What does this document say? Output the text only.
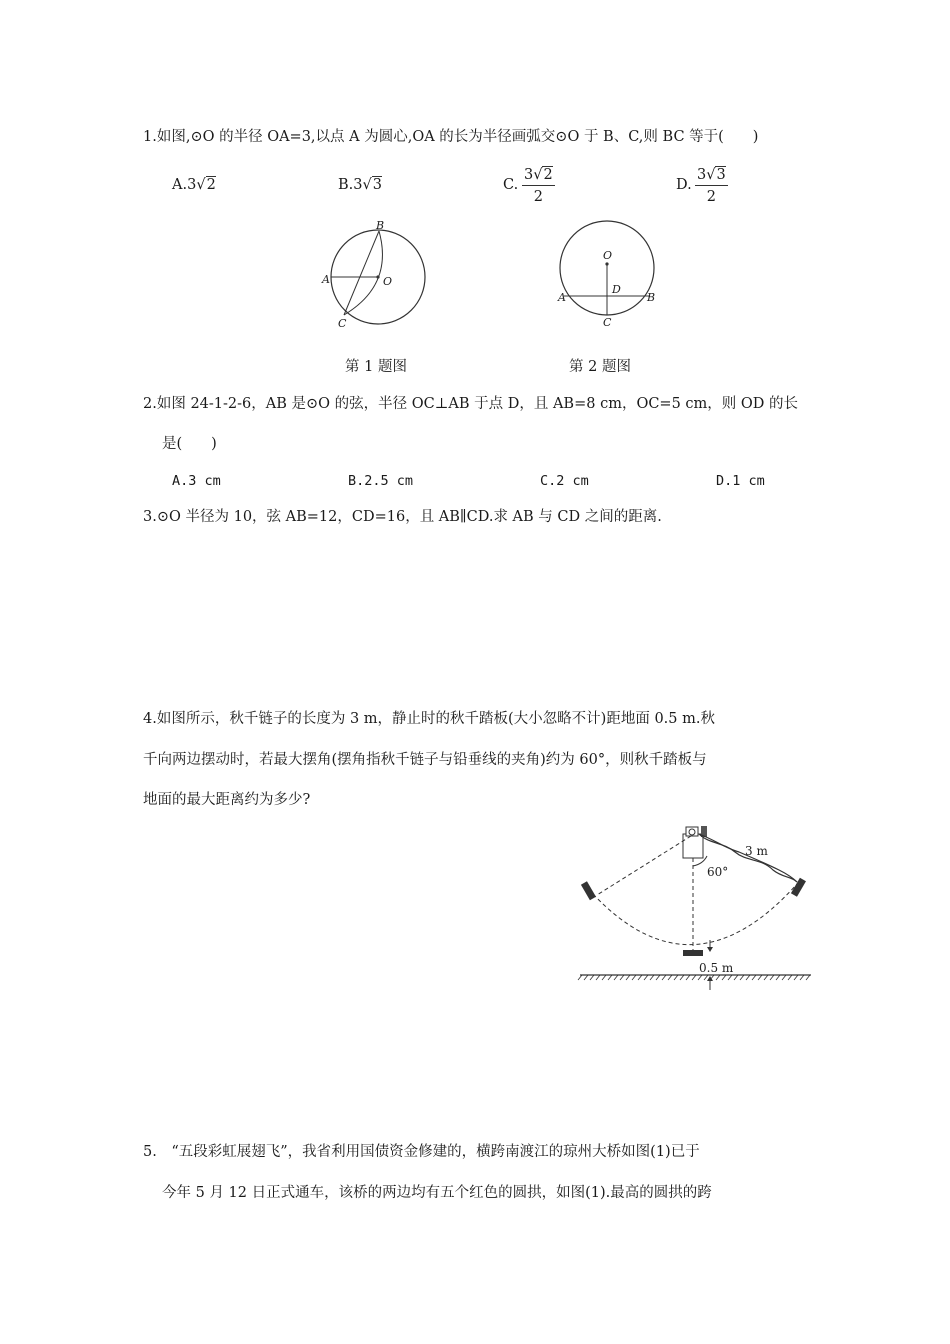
1.如图,⊙O 的半径 OA=3,以点 A 为圆心,OA 的长为半径画弧交⊙O 于 B、C,则 BC 等于(　　)
A.3√2	B.3√3	C. $\frac{3√2}{2}$	D. $\frac{3√3}{2}$
B
A	O
C
O
D
A	B
C
第 1 题图	第 2 题图
2.如图 24-1-2-6，AB 是⊙O 的弦，半径 OC⊥AB 于点 D，且 AB=8 cm，OC=5 cm，则 OD 的长
是(　　)
A.3 cm	B.2.5 cm	C.2 cm	D.1 cm
3.⊙O 半径为 10，弦 AB=12，CD=16，且 AB∥CD.求 AB 与 CD 之间的距离.
4.如图所示，秋千链子的长度为 3 m，静止时的秋千踏板(大小忽略不计)距地面 0.5 m.秋
千向两边摆动时，若最大摆角(摆角指秋千链子与铅垂线的夹角)约为 60°，则秋千踏板与
地面的最大距离约为多少?
60°
3 m
0.5 m
5.　“五段彩虹展翅飞”，我省利用国债资金修建的，横跨南渡江的琼州大桥如图(1)已于
今年 5 月 12 日正式通车，该桥的两边均有五个红色的圆拱，如图(1).最高的圆拱的跨
